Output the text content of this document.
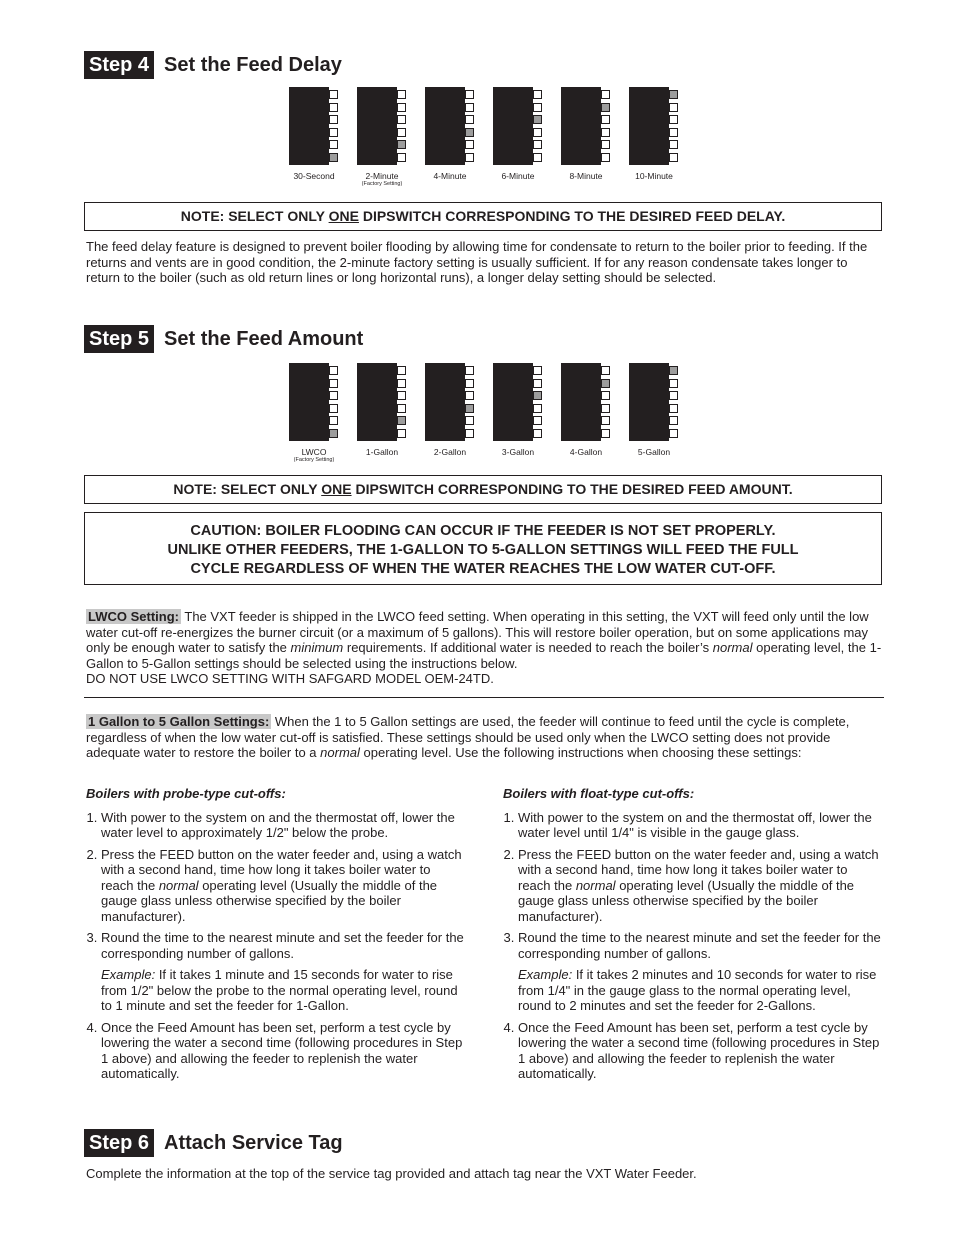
Step 4 Set the Feed Delay
30-Second	2-Minute
(Factory Setting)
4-Minute	6-Minute	8-Minute	10-Minute
NOTE: SELECT ONLY ONE DIPSWITCH CORRESPONDING TO THE DESIRED FEED DELAY.
The feed delay feature is designed to prevent boiler flooding by allowing time for condensate to return to the boiler prior to feeding. If the returns and vents are in good condition, the 2-minute factory setting is usually sufficient. If for any reason condensate takes longer to return to the boiler (such as old return lines or long horizontal runs), a longer delay setting should be selected.
Step 5 Set the Feed Amount
LWCO
(Factory Setting)
1-Gallon	2-Gallon	3-Gallon	4-Gallon	5-Gallon
NOTE: SELECT ONLY ONE DIPSWITCH CORRESPONDING TO THE DESIRED FEED AMOUNT.
CAUTION: BOILER FLOODING CAN OCCUR IF THE FEEDER IS NOT SET PROPERLY.
UNLIKE OTHER FEEDERS, THE 1-GALLON TO 5-GALLON SETTINGS WILL FEED THE FULL
CYCLE REGARDLESS OF WHEN THE WATER REACHES THE LOW WATER CUT-OFF.
LWCO Setting: The VXT feeder is shipped in the LWCO feed setting. When operating in this setting, the VXT will feed only until the low water cut-off re-energizes the burner circuit (or a maximum of 5 gallons). This will restore boiler operation, but on some applications may only be enough water to satisfy the minimum requirements. If additional water is needed to reach the boiler’s normal operating level, the 1-Gallon to 5-Gallon settings should be selected using the instructions below.
DO NOT USE LWCO SETTING WITH SAFGARD MODEL OEM-24TD.
1 Gallon to 5 Gallon Settings: When the 1 to 5 Gallon settings are used, the feeder will continue to feed until the cycle is complete, regardless of when the low water cut-off is satisfied. These settings should be used only when the LWCO setting does not provide adequate water to restore the boiler to a normal operating level. Use the following instructions when choosing these settings:
Boilers with probe-type cut-offs:
1. With power to the system on and the thermostat off, lower the water level to approximately 1/2" below the probe.
2. Press the FEED button on the water feeder and, using a watch with a second hand, time how long it takes boiler water to reach the normal operating level (Usually the middle of the gauge glass unless otherwise specified by the boiler manufacturer).
3. Round the time to the nearest minute and set the feeder for the corresponding number of gallons.
Example: If it takes 1 minute and 15 seconds for water to rise from 1/2" below the probe to the normal operating level, round to 1 minute and set the feeder for 1-Gallon.
4. Once the Feed Amount has been set, perform a test cycle by lowering the water a second time (following procedures in Step 1 above) and allowing the feeder to replenish the water automatically.
Boilers with float-type cut-offs:
1. With power to the system on and the thermostat off, lower the water level until 1/4" is visible in the gauge glass.
2. Press the FEED button on the water feeder and, using a watch with a second hand, time how long it takes boiler water to reach the normal operating level (Usually the middle of the gauge glass unless otherwise specified by the boiler manufacturer).
3. Round the time to the nearest minute and set the feeder for the corresponding number of gallons.
Example: If it takes 2 minutes and 10 seconds for water to rise from 1/4" in the gauge glass to the normal operating level, round to 2 minutes and set the feeder for 2-Gallons.
4. Once the Feed Amount has been set, perform a test cycle by lowering the water a second time (following procedures in Step 1 above) and allowing the feeder to replenish the water automatically.
Step 6 Attach Service Tag
Complete the information at the top of the service tag provided and attach tag near the VXT Water Feeder.
